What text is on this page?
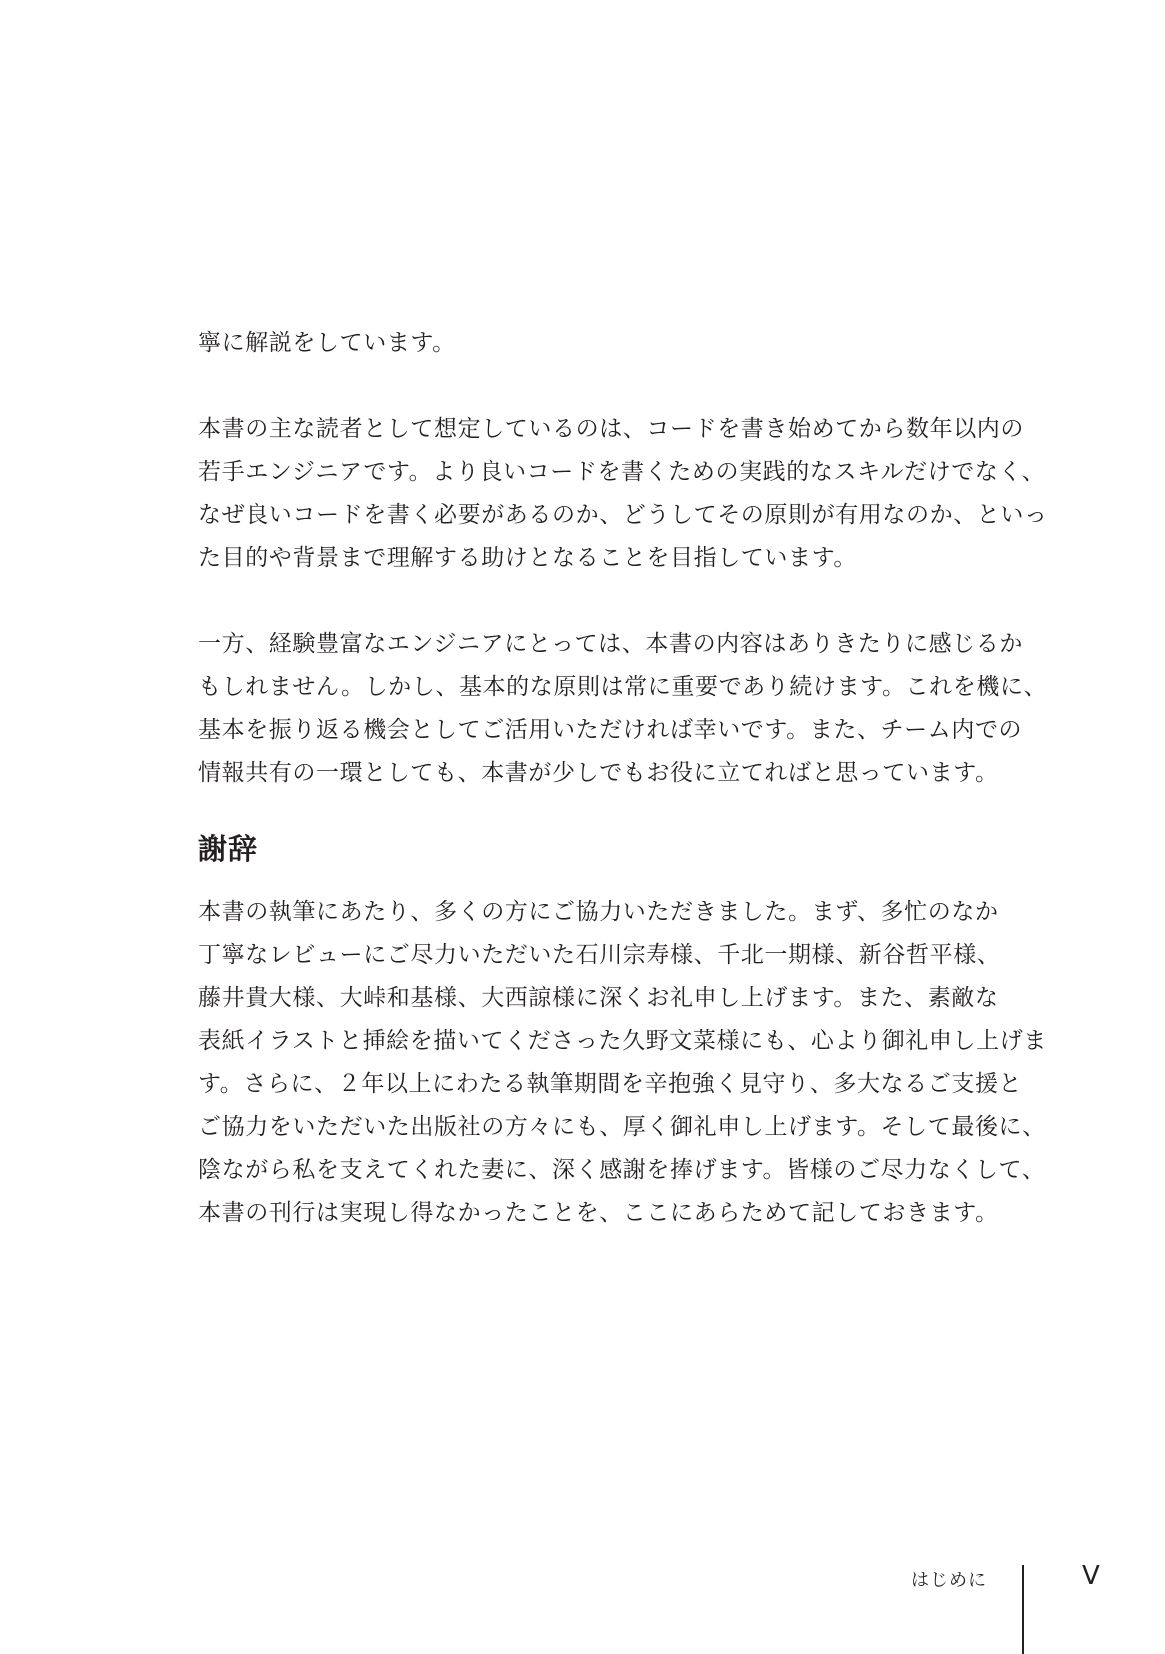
寧に解説をしています。
本書の主な読者として想定しているのは、コードを書き始めてから数年以内の
若手エンジニアです。より良いコードを書くための実践的なスキルだけでなく、
なぜ良いコードを書く必要があるのか、どうしてその原則が有用なのか、といっ
た目的や背景まで理解する助けとなることを目指しています。
一方、経験豊富なエンジニアにとっては、本書の内容はありきたりに感じるか
もしれません。しかし、基本的な原則は常に重要であり続けます。これを機に、
基本を振り返る機会としてご活用いただければ幸いです。また、チーム内での
情報共有の一環としても、本書が少しでもお役に立てればと思っています。
謝辞
本書の執筆にあたり、多くの方にご協力いただきました。まず、多忙のなか
丁寧なレビューにご尽力いただいた石川宗寿様、千北一期様、新谷哲平様、
藤井貴大様、大峠和基様、大西諒様に深くお礼申し上げます。また、素敵な
表紙イラストと挿絵を描いてくださった久野文菜様にも、心より御礼申し上げま
す。さらに、２年以上にわたる執筆期間を辛抱強く見守り、多大なるご支援と
ご協力をいただいた出版社の方々にも、厚く御礼申し上げます。そして最後に、
陰ながら私を支えてくれた妻に、深く感謝を捧げます。皆様のご尽力なくして、
本書の刊行は実現し得なかったことを、ここにあらためて記しておきます。
はじめに	V
